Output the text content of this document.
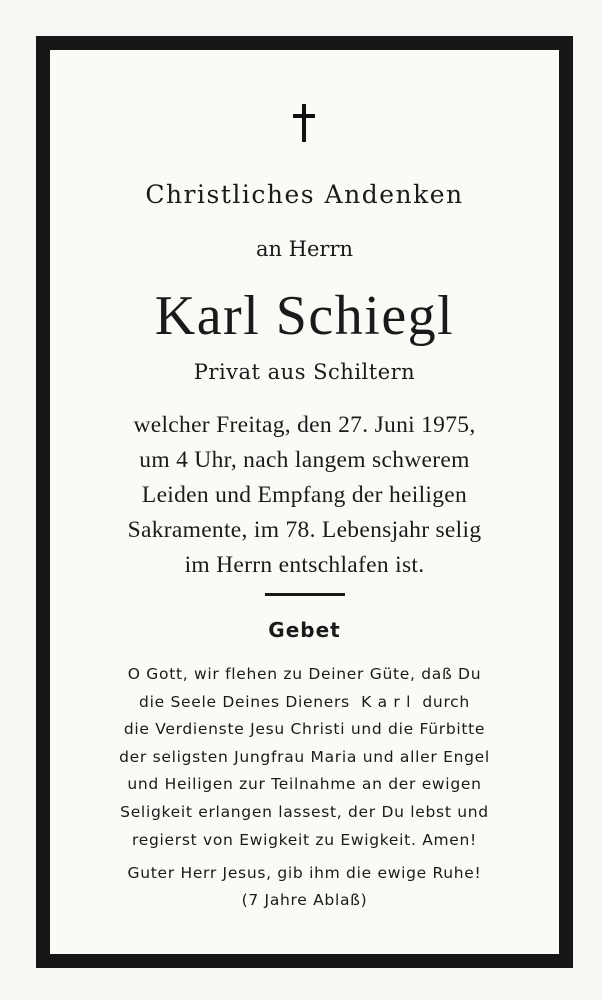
Christliches Andenken
an Herrn
Karl Schiegl
Privat aus Schiltern
welcher Freitag, den 27. Juni 1975,
um 4 Uhr, nach langem schwerem
Leiden und Empfang der heiligen
Sakramente, im 78. Lebensjahr selig
im Herrn entschlafen ist.
Gebet
O Gott, wir flehen zu Deiner Güte, daß Du
die Seele Deines Dieners  K a r l  durch
die Verdienste Jesu Christi und die Fürbitte
der seligsten Jungfrau Maria und aller Engel
und Heiligen zur Teilnahme an der ewigen
Seligkeit erlangen lassest, der Du lebst und
regierst von Ewigkeit zu Ewigkeit. Amen!
Guter Herr Jesus, gib ihm die ewige Ruhe!
(7 Jahre Ablaß)
